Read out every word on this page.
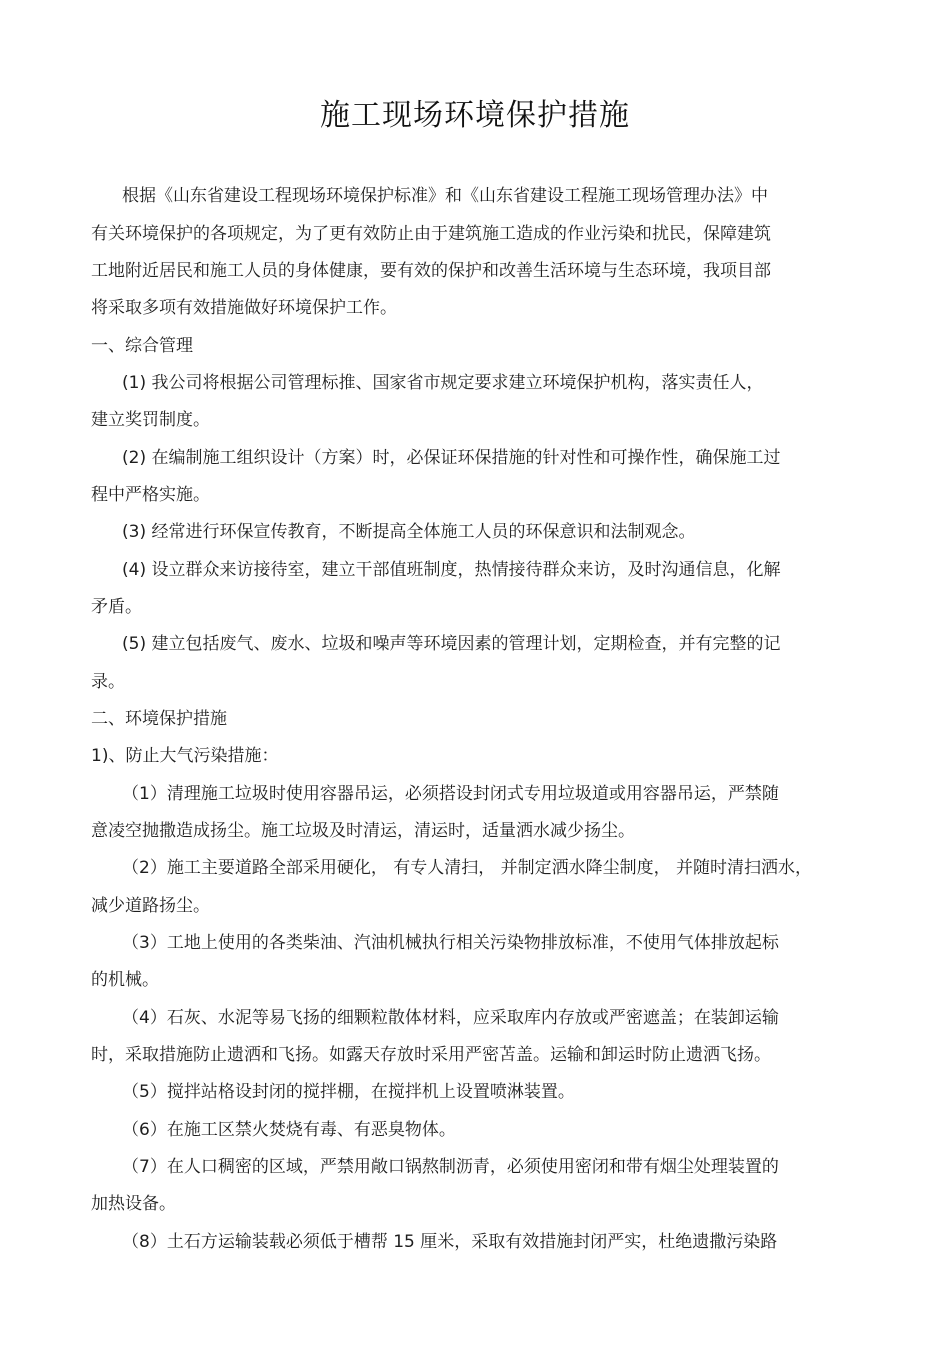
施工现场环境保护措施
根据《山东省建设工程现场环境保护标准》和《山东省建设工程施工现场管理办法》中
有关环境保护的各项规定，为了更有效防止由于建筑施工造成的作业污染和扰民，保障建筑
工地附近居民和施工人员的身体健康，要有效的保护和改善生活环境与生态环境，我项目部
将采取多项有效措施做好环境保护工作。
一、综合管理
(1) 我公司将根据公司管理标推、国家省市规定要求建立环境保护机构，落实责任人，
建立奖罚制度。
(2) 在编制施工组织设计（方案）时，必保证环保措施的针对性和可操作性，确保施工过
程中严格实施。
(3) 经常进行环保宣传教育，不断提高全体施工人员的环保意识和法制观念。
(4) 设立群众来访接待室，建立干部值班制度，热情接待群众来访，及时沟通信息，化解
矛盾。
(5) 建立包括废气、废水、垃圾和噪声等环境因素的管理计划，定期检查，并有完整的记
录。
二、环境保护措施
1)、防止大气污染措施：
（1）清理施工垃圾时使用容器吊运，必须搭设封闭式专用垃圾道或用容器吊运，严禁随
意凌空抛撒造成扬尘。施工垃圾及时清运，清运时，适量洒水减少扬尘。
（2）施工主要道路全部采用硬化， 有专人清扫， 并制定洒水降尘制度， 并随时清扫洒水，
减少道路扬尘。
（3）工地上使用的各类柴油、汽油机械执行相关污染物排放标准，不使用气体排放起标
的机械。
（4）石灰、水泥等易飞扬的细颗粒散体材料，应采取库内存放或严密遮盖；在装卸运输
时，采取措施防止遗洒和飞扬。如露天存放时采用严密苫盖。运输和卸运时防止遗洒飞扬。
（5）搅拌站格设封闭的搅拌棚，在搅拌机上设置喷淋装置。
（6）在施工区禁火焚烧有毒、有恶臭物体。
（7）在人口稠密的区域，严禁用敞口锅熬制沥青，必须使用密闭和带有烟尘处理装置的
加热设备。
（8）土石方运输装载必须低于槽帮 15 厘米，采取有效措施封闭严实，杜绝遗撒污染路
